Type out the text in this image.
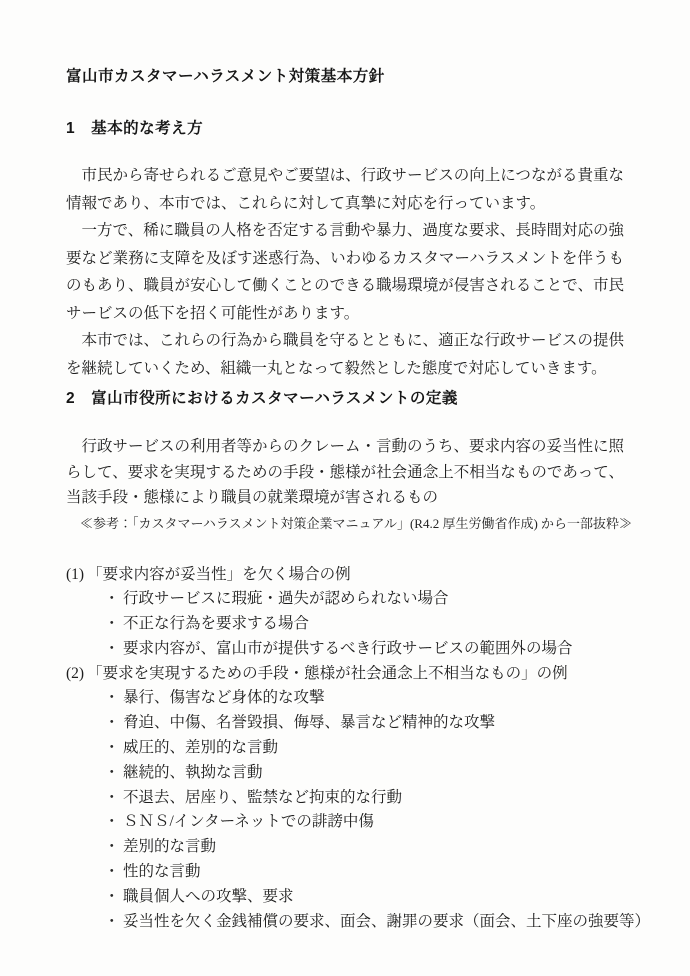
富山市カスタマーハラスメント対策基本方針
1　基本的な考え方

市民から寄せられるご意見やご要望は、行政サービスの向上につながる貴重な情報であり、本市では、これらに対して真摯に対応を行っています。

一方で、稀に職員の人格を否定する言動や暴力、過度な要求、長時間対応の強要など業務に支障を及ぼす迷惑行為、いわゆるカスタマーハラスメントを伴うものもあり、職員が安心して働くことのできる職場環境が侵害されることで、市民サービスの低下を招く可能性があります。

本市では、これらの行為から職員を守るとともに、適正な行政サービスの提供を継続していくため、組織一丸となって毅然とした態度で対応していきます。

2　富山市役所におけるカスタマーハラスメントの定義

行政サービスの利用者等からのクレーム・言動のうち、要求内容の妥当性に照らして、要求を実現するための手段・態様が社会通念上不相当なものであって、当該手段・態様により職員の就業環境が害されるもの

≪参考：「カスタマーハラスメント対策企業マニュアル」(R4.2 厚生労働省作成) から一部抜粋≫

(1) 「要求内容が妥当性」を欠く場合の例
・ 行政サービスに瑕疵・過失が認められない場合
・ 不正な行為を要求する場合
・ 要求内容が、富山市が提供するべき行政サービスの範囲外の場合
(2) 「要求を実現するための手段・態様が社会通念上不相当なもの」の例
・ 暴行、傷害など身体的な攻撃
・ 脅迫、中傷、名誉毀損、侮辱、暴言など精神的な攻撃
・ 威圧的、差別的な言動
・ 継続的、執拗な言動
・ 不退去、居座り、監禁など拘束的な行動
・ ＳＮＳ/インターネットでの誹謗中傷
・ 差別的な言動
・ 性的な言動
・ 職員個人への攻撃、要求
・ 妥当性を欠く金銭補償の要求、面会、謝罪の要求（面会、土下座の強要等）
